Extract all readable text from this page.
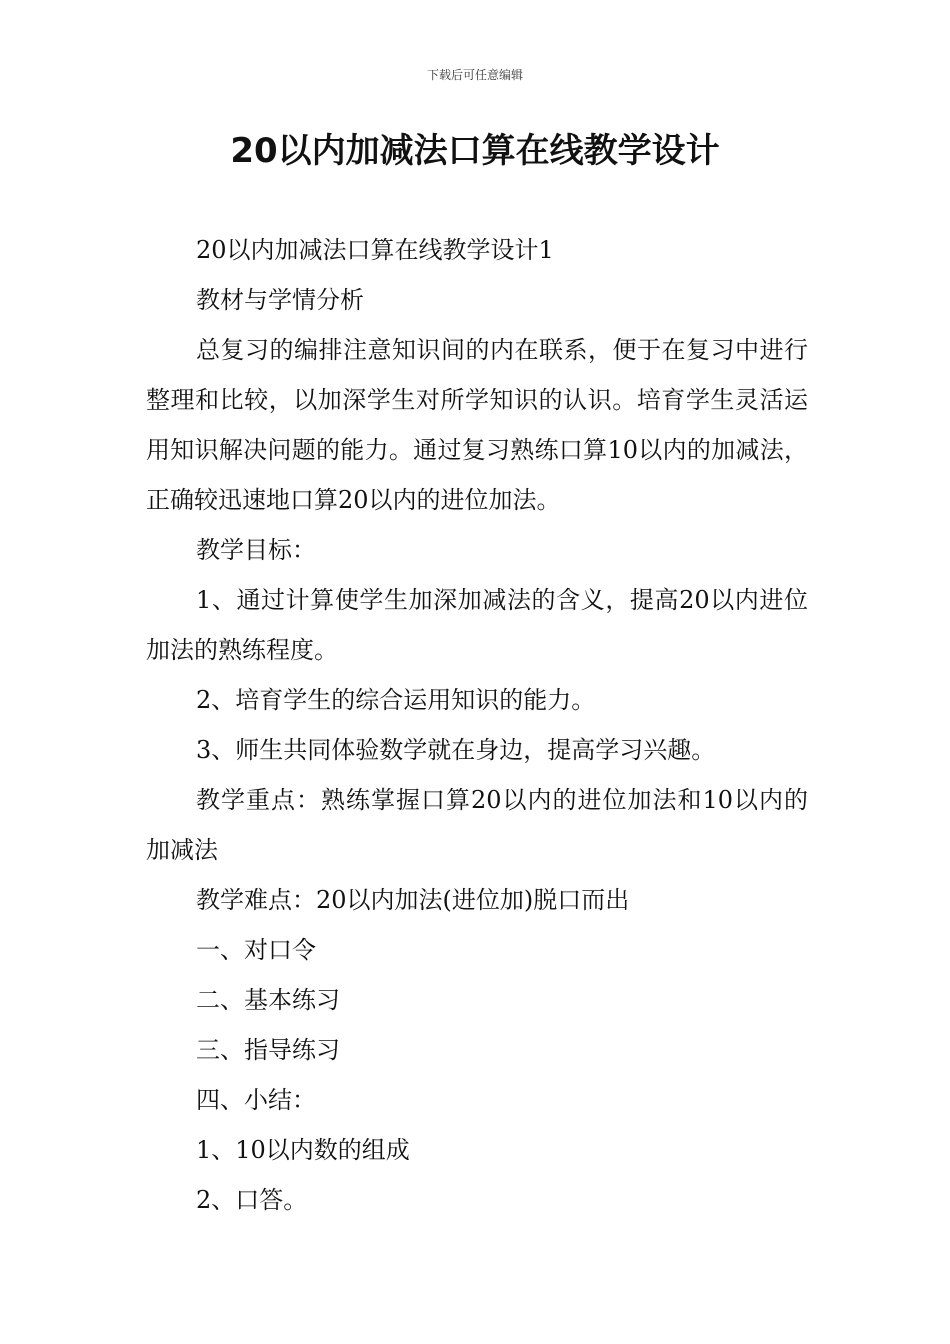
下载后可任意编辑
20以内加减法口算在线教学设计

20以内加减法口算在线教学设计1

教材与学情分析

总复习的编排注意知识间的内在联系，便于在复习中进行整理和比较，以加深学生对所学知识的认识。培育学生灵活运用知识解决问题的能力。通过复习熟练口算10以内的加减法，正确较迅速地口算20以内的进位加法。

教学目标：

1、通过计算使学生加深加减法的含义，提高20以内进位加法的熟练程度。

2、培育学生的综合运用知识的能力。

3、师生共同体验数学就在身边，提高学习兴趣。

教学重点：熟练掌握口算20以内的进位加法和10以内的加减法

教学难点：20以内加法(进位加)脱口而出

一、对口令

二、基本练习

三、指导练习

四、小结：

1、10以内数的组成

2、口答。
